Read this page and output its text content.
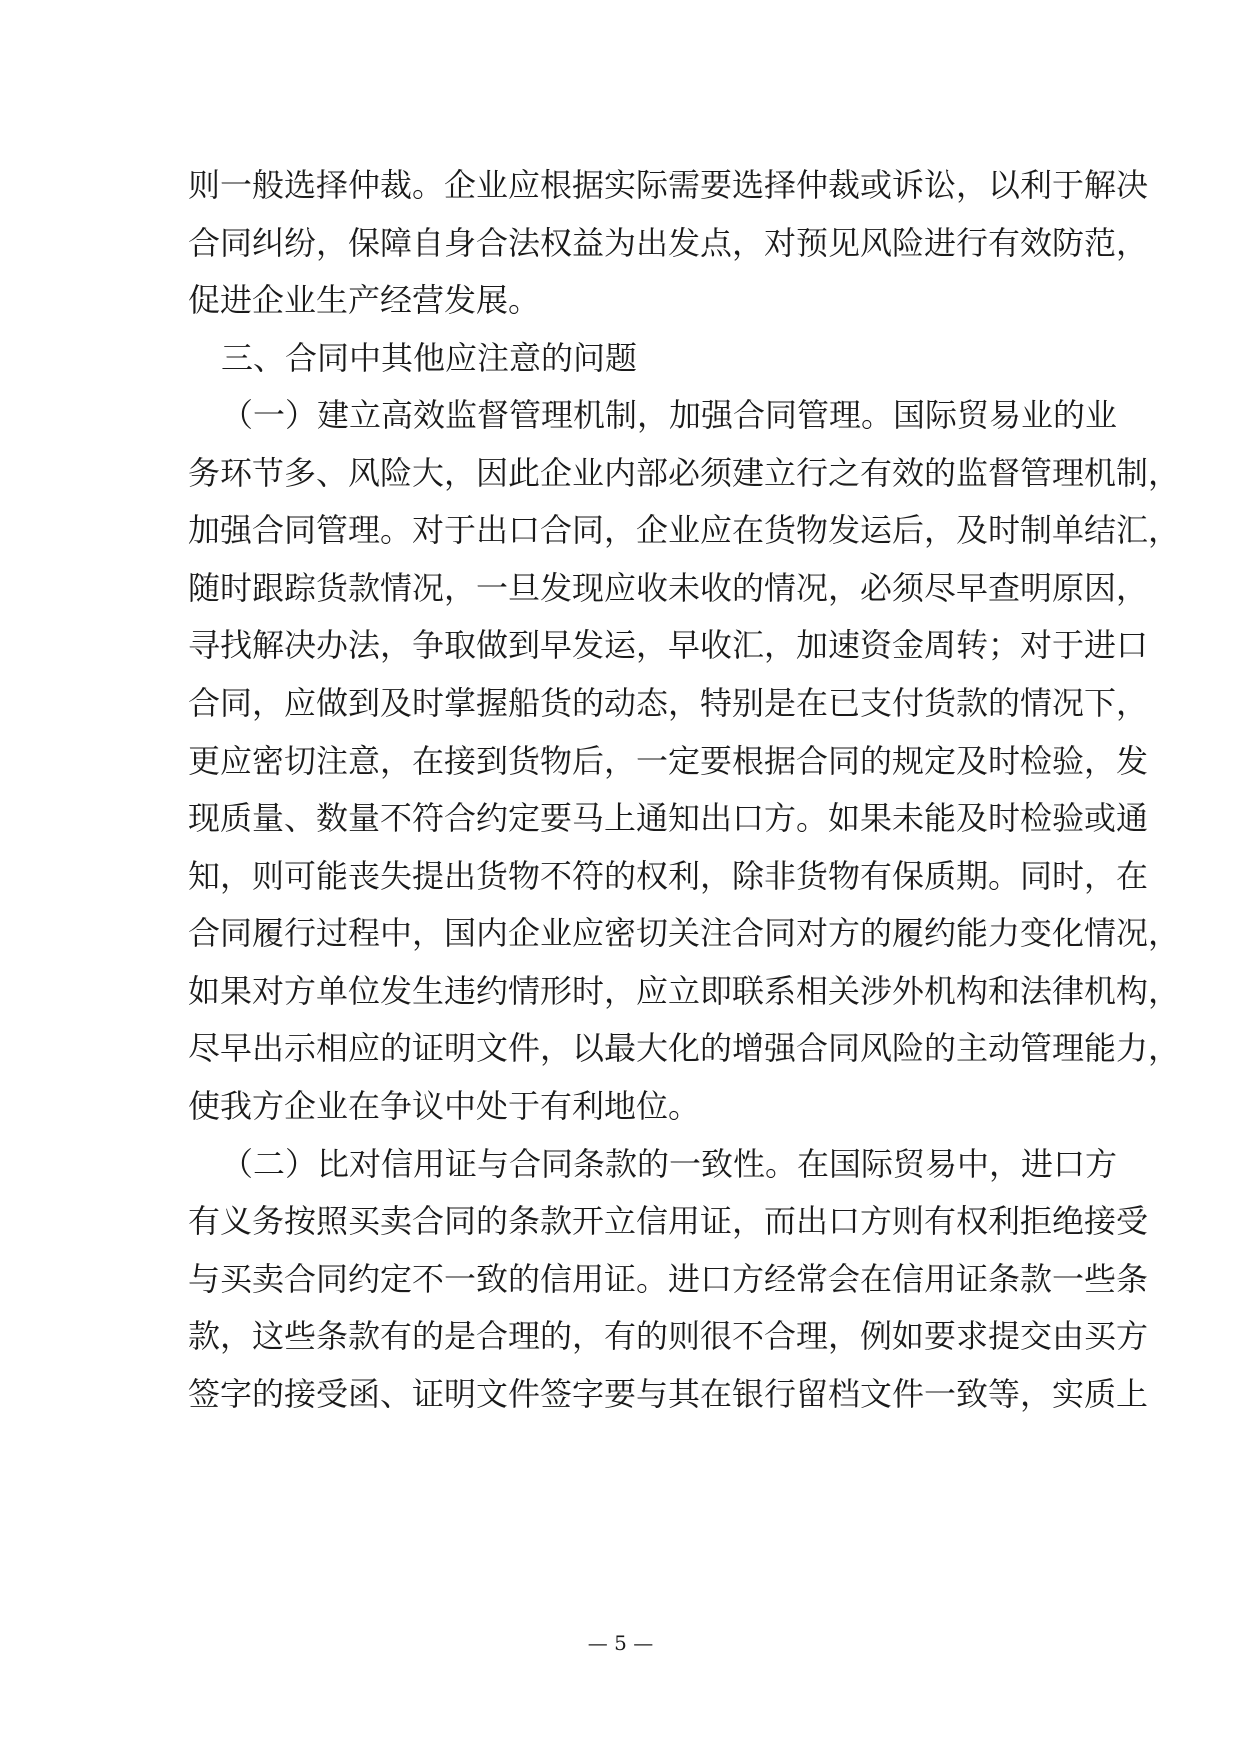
则一般选择仲裁。企业应根据实际需要选择仲裁或诉讼，以利于解决
合同纠纷，保障自身合法权益为出发点，对预见风险进行有效防范，
促进企业生产经营发展。
三、合同中其他应注意的问题
（一）建立高效监督管理机制，加强合同管理。国际贸易业的业
务环节多、风险大，因此企业内部必须建立行之有效的监督管理机制，
加强合同管理。对于出口合同，企业应在货物发运后，及时制单结汇，
随时跟踪货款情况，一旦发现应收未收的情况，必须尽早查明原因，
寻找解决办法，争取做到早发运，早收汇，加速资金周转；对于进口
合同，应做到及时掌握船货的动态，特别是在已支付货款的情况下，
更应密切注意，在接到货物后，一定要根据合同的规定及时检验，发
现质量、数量不符合约定要马上通知出口方。如果未能及时检验或通
知，则可能丧失提出货物不符的权利，除非货物有保质期。同时，在
合同履行过程中，国内企业应密切关注合同对方的履约能力变化情况，
如果对方单位发生违约情形时，应立即联系相关涉外机构和法律机构，
尽早出示相应的证明文件，以最大化的增强合同风险的主动管理能力，
使我方企业在争议中处于有利地位。
（二）比对信用证与合同条款的一致性。在国际贸易中，进口方
有义务按照买卖合同的条款开立信用证，而出口方则有权利拒绝接受
与买卖合同约定不一致的信用证。进口方经常会在信用证条款一些条
款，这些条款有的是合理的，有的则很不合理，例如要求提交由买方
签字的接受函、证明文件签字要与其在银行留档文件一致等，实质上
— 5 —
